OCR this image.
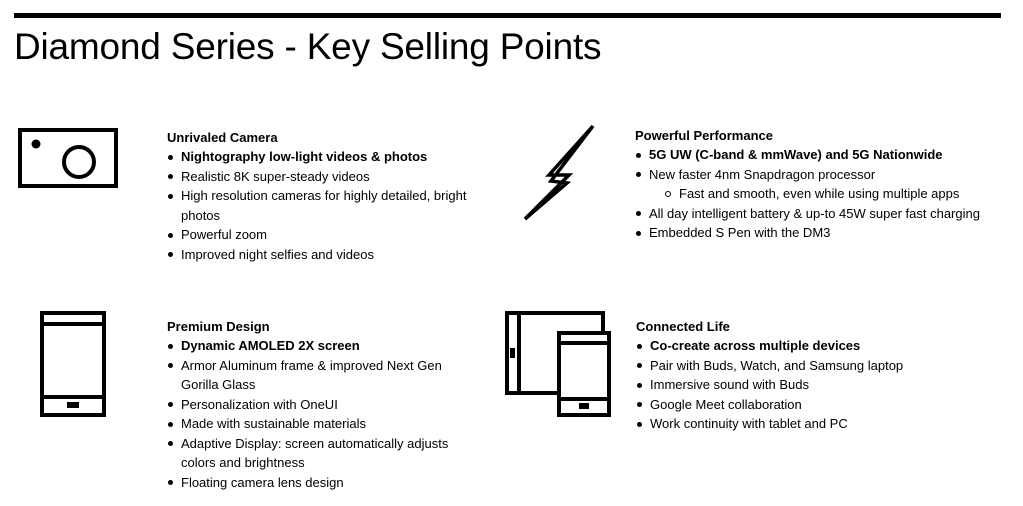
Diamond Series - Key Selling Points

Unrivaled Camera

Nightography low-light videos & photos
Realistic 8K super-steady videos
High resolution cameras for highly detailed, bright photos
Powerful zoom
Improved night selfies and videos

Powerful Performance

5G UW (C-band & mmWave) and 5G Nationwide
New faster 4nm Snapdragon processor
Fast and smooth, even while using multiple apps
All day intelligent battery & up-to 45W super fast charging
Embedded S Pen with the DM3

Premium Design

Dynamic AMOLED 2X screen
Armor Aluminum frame & improved Next Gen Gorilla Glass
Personalization with OneUI
Made with sustainable materials
Adaptive Display: screen automatically adjusts colors and brightness
Floating camera lens design

Connected Life

Co-create across multiple devices
Pair with Buds, Watch, and Samsung laptop
Immersive sound with Buds
Google Meet collaboration
Work continuity with tablet and PC
